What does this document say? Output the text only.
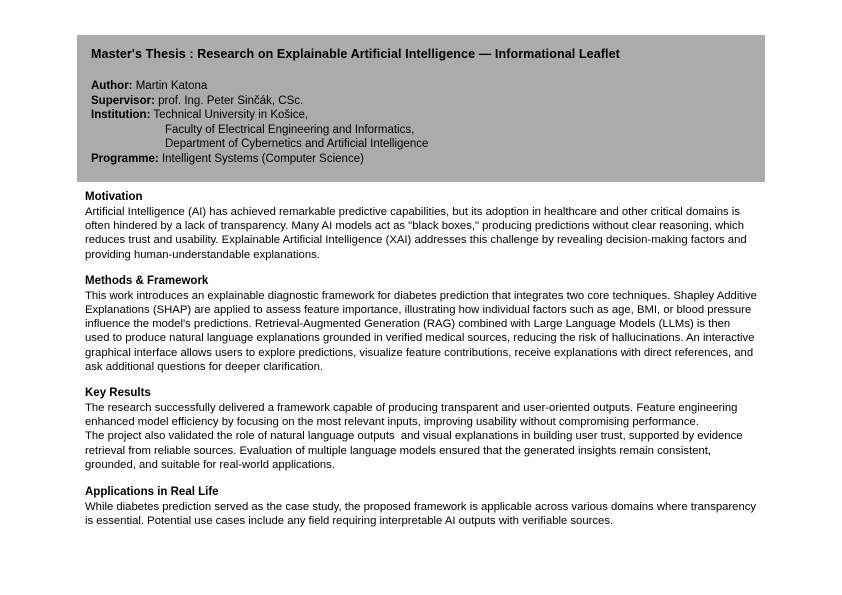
Master's Thesis : Research on Explainable Artificial Intelligence — Informational Leaflet
Author: Martin Katona
Supervisor: prof. Ing. Peter Sinčák, CSc.
Institution: Technical University in Košice,
Faculty of Electrical Engineering and Informatics,
Department of Cybernetics and Artificial Intelligence
Programme: Intelligent Systems (Computer Science)
Motivation

Artificial Intelligence (AI) has achieved remarkable predictive capabilities, but its adoption in healthcare and other critical domains is often hindered by a lack of transparency. Many AI models act as "black boxes," producing predictions without clear reasoning, which reduces trust and usability. Explainable Artificial Intelligence (XAI) addresses this challenge by revealing decision-making factors and providing human-understandable explanations.

Methods & Framework

This work introduces an explainable diagnostic framework for diabetes prediction that integrates two core techniques. Shapley Additive Explanations (SHAP) are applied to assess feature importance, illustrating how individual factors such as age, BMI, or blood pressure influence the model's predictions. Retrieval-Augmented Generation (RAG) combined with Large Language Models (LLMs) is then used to produce natural language explanations grounded in verified medical sources, reducing the risk of hallucinations. An interactive graphical interface allows users to explore predictions, visualize feature contributions, receive explanations with direct references, and ask additional questions for deeper clarification.

Key Results

The research successfully delivered a framework capable of producing transparent and user-oriented outputs. Feature engineering enhanced model efficiency by focusing on the most relevant inputs, improving usability without compromising performance.

The project also validated the role of natural language outputs  and visual explanations in building user trust, supported by evidence retrieval from reliable sources. Evaluation of multiple language models ensured that the generated insights remain consistent, grounded, and suitable for real-world applications.

Applications in Real Life

While diabetes prediction served as the case study, the proposed framework is applicable across various domains where transparency is essential. Potential use cases include any field requiring interpretable AI outputs with verifiable sources.
